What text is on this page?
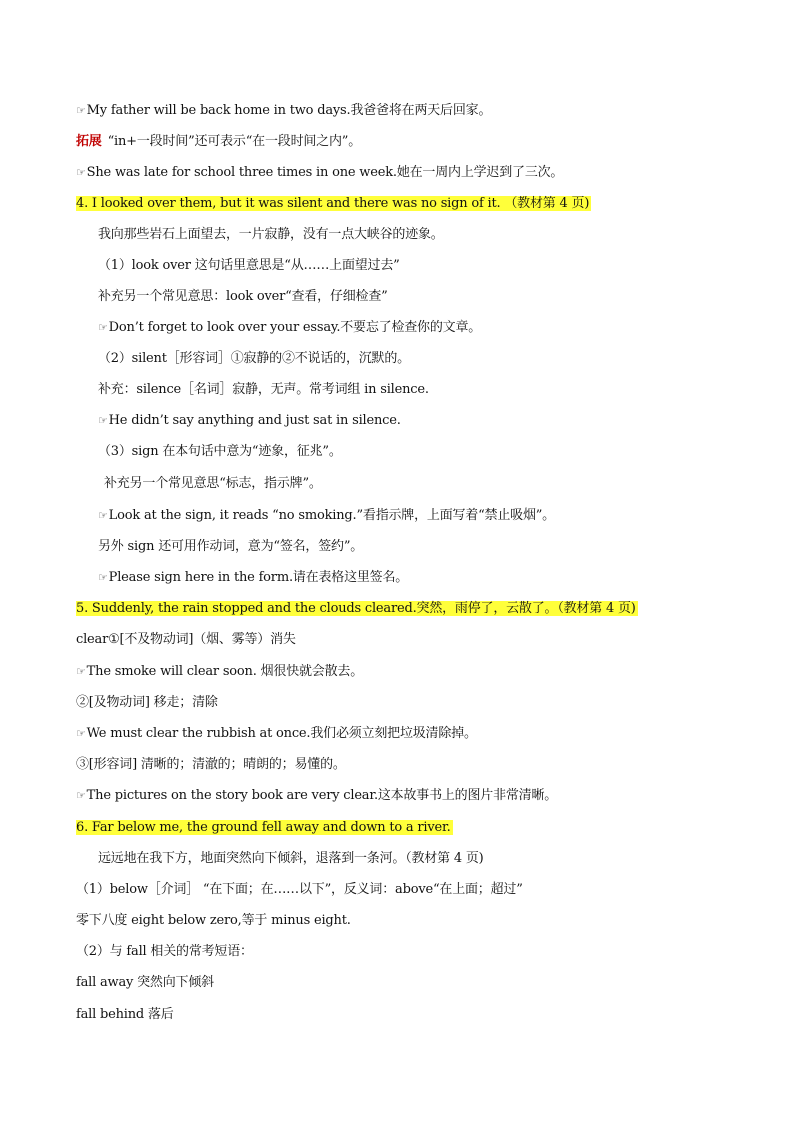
☞My father will be back home in two days.我爸爸将在两天后回家。
拓展 “in+一段时间”还可表示“在一段时间之内”。
☞She was late for school three times in one week.她在一周内上学迟到了三次。
4. I looked over them, but it was silent and there was no sign of it. （教材第 4 页)
我向那些岩石上面望去，一片寂静，没有一点大峡谷的迹象。
（1）look over 这句话里意思是“从……上面望过去”
补充另一个常见意思：look over“查看，仔细检查”
☞Don’t forget to look over your essay.不要忘了检查你的文章。
（2）silent［形容词］①寂静的②不说话的，沉默的。
补充：silence［名词］寂静，无声。常考词组 in silence.
☞He didn’t say anything and just sat in silence.
（3）sign 在本句话中意为“迹象，征兆”。
补充另一个常见意思“标志，指示牌”。
☞Look at the sign, it reads “no smoking.”看指示牌，上面写着“禁止吸烟”。
另外 sign 还可用作动词，意为“签名，签约”。
☞Please sign here in the form.请在表格这里签名。
5. Suddenly, the rain stopped and the clouds cleared.突然，雨停了，云散了。（教材第 4 页)
clear①[不及物动词]（烟、雾等）消失
☞The smoke will clear soon. 烟很快就会散去。
②[及物动词] 移走；清除
☞We must clear the rubbish at once.我们必须立刻把垃圾清除掉。
③[形容词] 清晰的；清澈的；晴朗的；易懂的。
☞The pictures on the story book are very clear.这本故事书上的图片非常清晰。
6. Far below me, the ground fell away and down to a river.
远远地在我下方，地面突然向下倾斜，退落到一条河。（教材第 4 页)
（1）below［介词］ “在下面；在……以下”，反义词：above“在上面；超过”
零下八度 eight below zero,等于 minus eight.
（2）与 fall 相关的常考短语：
fall away 突然向下倾斜
fall behind 落后
